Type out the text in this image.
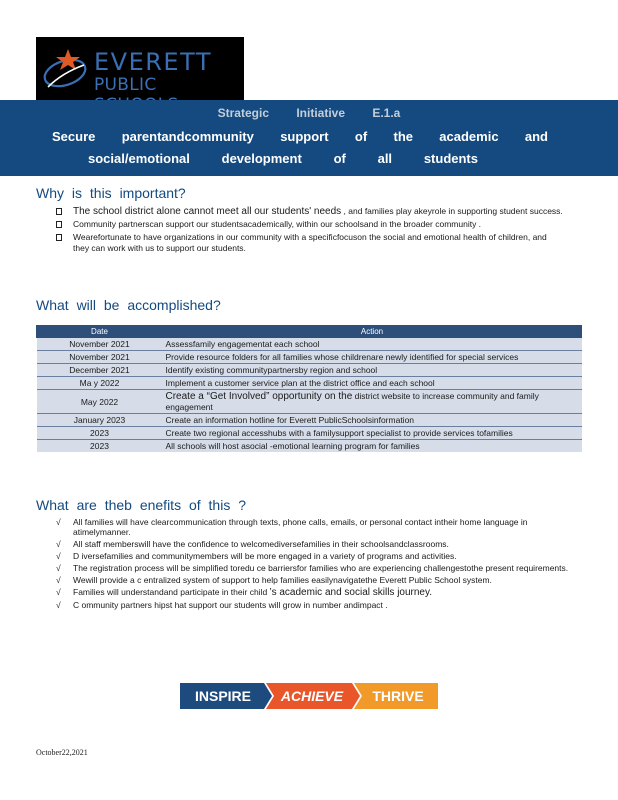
EVERETT
PUBLIC
Strategic Initiative E.1.a
Secure parentandcommunity support of the academic and
social/emotional development of all students
Why is this important?
The school district alone cannot meet all our students' needs , and families play akeyrole in supporting student success.
Community partnerscan support our studentsacademically, within our schoolsand in the broader community .
Wearefortunate to have organizations in our community with a specificfocuson the social and emotional health of children, and they can work with us to support our students.
What will be accomplished?
Date	Action
November 2021	Assessfamily engagementat each school
November 2021	Provide resource folders for all families whose childrenare newly identified for special services
December 2021	Identify existing communitypartnersby region and school
Ma y 2022	Implement a customer service plan at the district office and each school
May 2022	Create a “Get Involved” opportunity on the district website to increase community and family engagement
January 2023	Create an information hotline for Everett PublicSchoolsinformation
2023	Create two regional accesshubs with a familysupport specialist to provide services tofamilies
2023	All schools will host asocial -emotional learning program for families
What are theb enefits of this ?
√ All families will have clearcommunication through texts, phone calls, emails, or personal contact intheir home language in atimelymanner.
√ All staff memberswill have the confidence to welcomediversefamilies in their schoolsandclassrooms.
√ D iversefamilies and communitymembers will be more engaged in a variety of programs and activities.
√ The registration process will be simplified toredu ce barriersfor families who are experiencing challengestothe present requirements.
√ Wewill provide a c entralized system of support to help families easilynavigatethe Everett Public School system.
√ Families will understandand participate in their child ’s academic and social skills journey.
√ C ommunity partners hipst hat support our students will grow in number andimpact .
INSPIRE ACHIEVE THRIVE
October22,2021
